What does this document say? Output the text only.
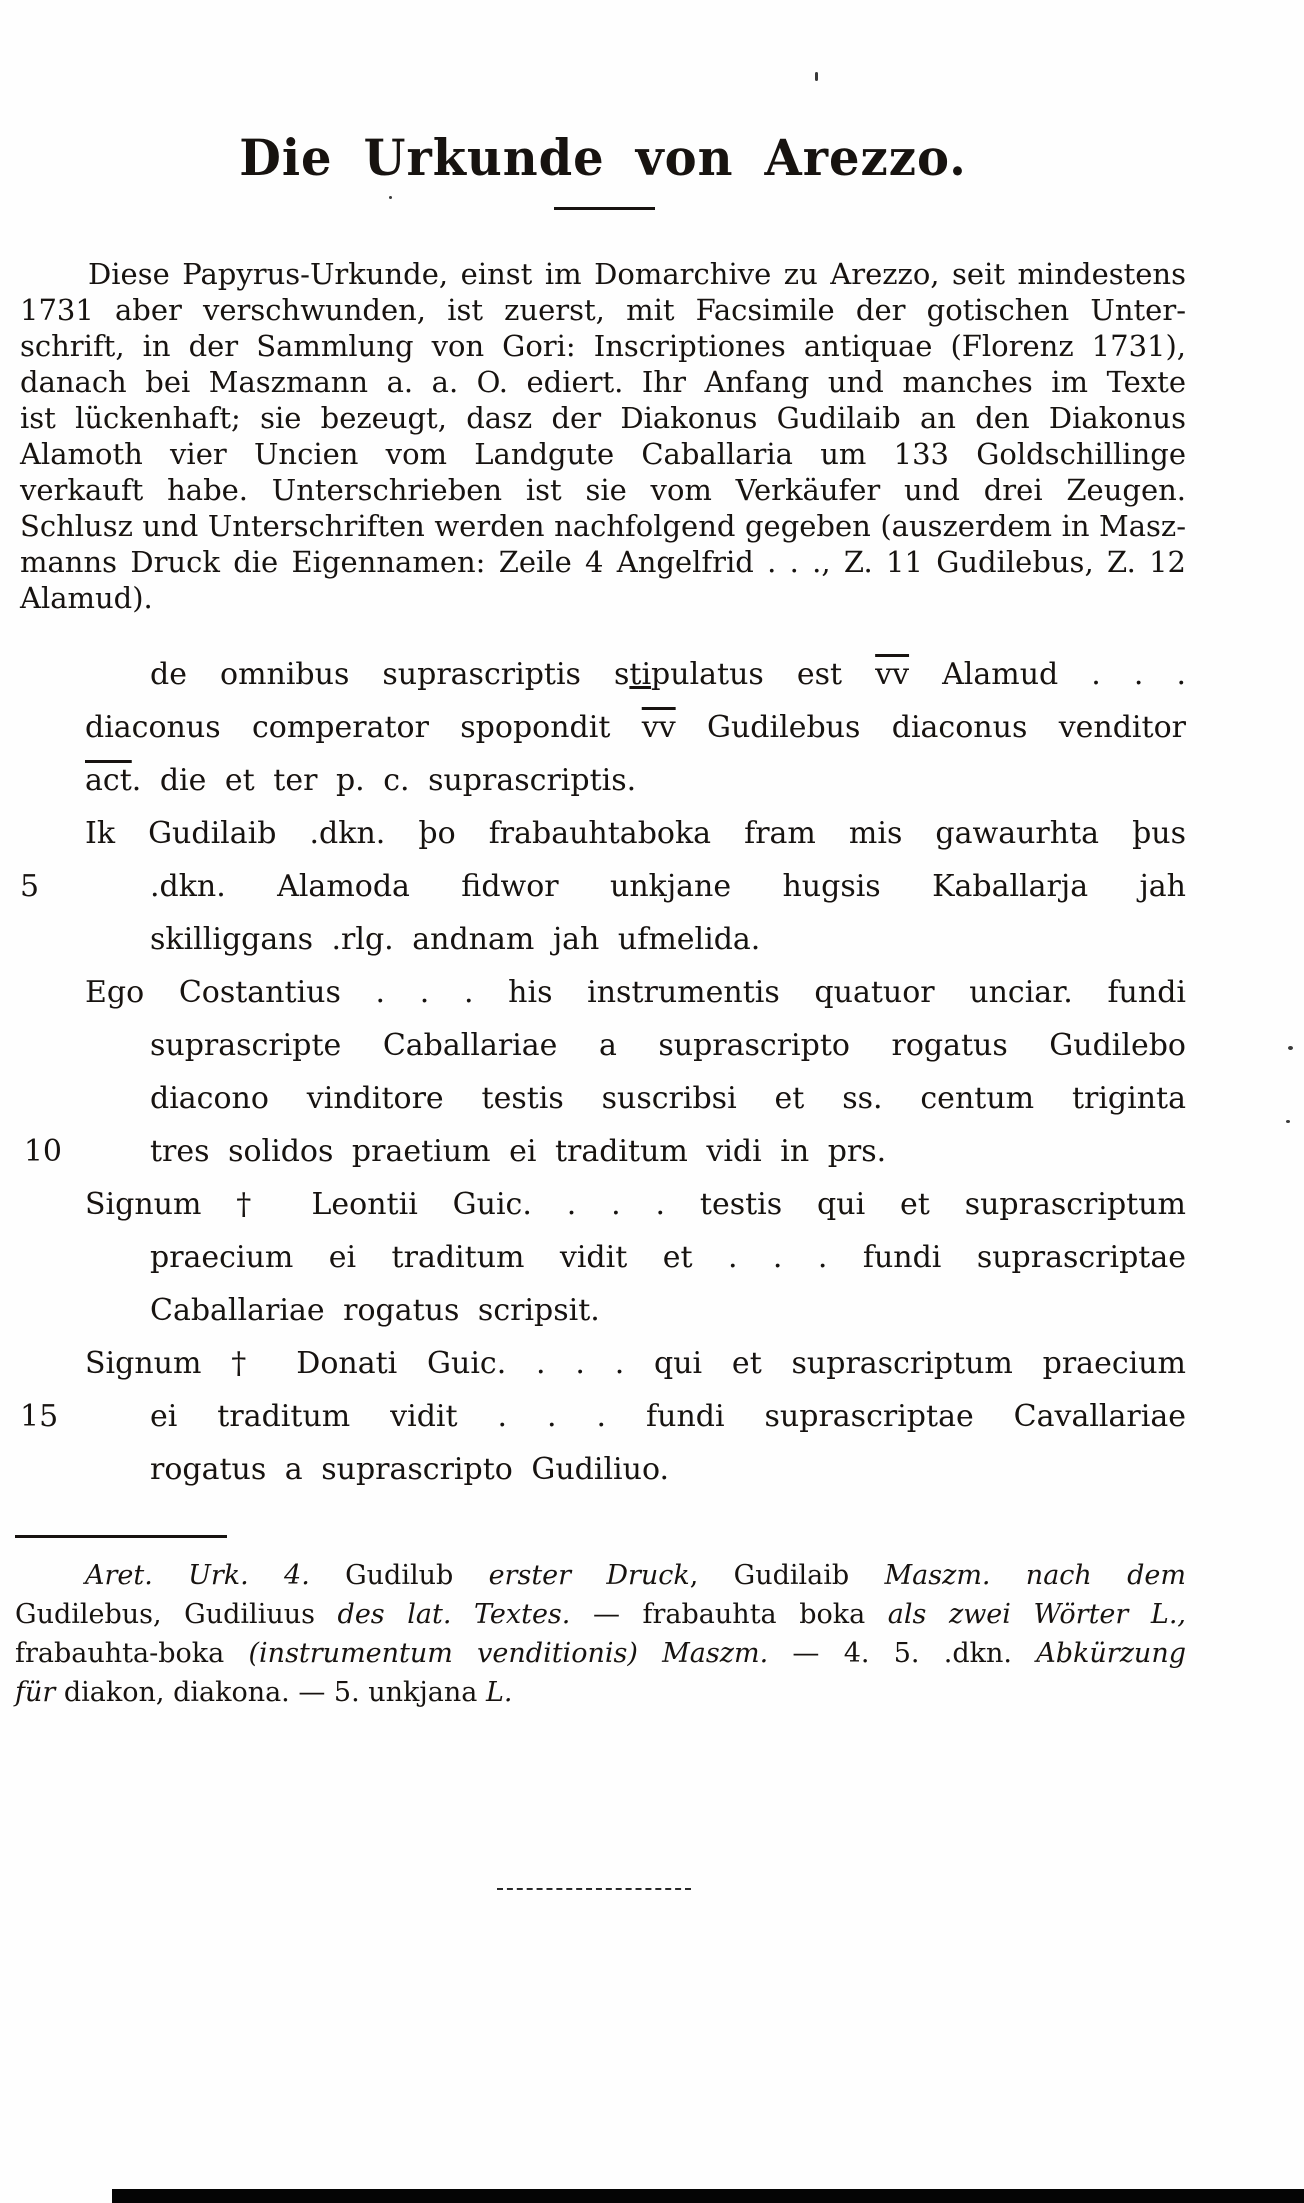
Die Urkunde von Arezzo.
Diese Papyrus-Urkunde, einst im Domarchive zu Arezzo, seit mindestens
1731 aber verschwunden, ist zuerst, mit Facsimile der gotischen Unter-
schrift, in der Sammlung von Gori: Inscriptiones antiquae (Florenz 1731),
danach bei Maszmann a. a. O. ediert. Ihr Anfang und manches im Texte
ist lückenhaft; sie bezeugt, dasz der Diakonus Gudilaib an den Diakonus
Alamoth vier Uncien vom Landgute Caballaria um 133 Goldschillinge
verkauft habe. Unterschrieben ist sie vom Verkäufer und drei Zeugen.
Schlusz und Unterschriften werden nachfolgend gegeben (auszerdem in Masz-
manns Druck die Eigennamen: Zeile 4 Angelfrid . . ., Z. 11 Gudilebus, Z. 12
Alamud).
de omnibus suprascriptis stipulatus est $\overline{vv}$ Alamud . . .
diaconus comperator spopondit $\overline{vv}$ Gudilebus diaconus venditor
$\overline{act}$. die et ter p. c. suprascriptis.
Ik Gudilaib .dkn. þo frabauhtaboka fram mis gawaurhta þus
5	.dkn. Alamoda fidwor unkjane hugsis Kaballarja jah
skilliggans .rlg. andnam jah ufmelida.
Ego Costantius . . . his instrumentis quatuor unciar. fundi
suprascripte Caballariae a suprascripto rogatus Gudilebo
diacono vinditore testis suscribsi et ss. centum triginta
10	tres solidos praetium ei traditum vidi in prs.
Signum † Leontii Guic. . . . testis qui et suprascriptum
praecium ei traditum vidit et . . . fundi suprascriptae
Caballariae rogatus scripsit.
Signum † Donati Guic. . . . qui et suprascriptum praecium
15	ei traditum vidit . . . fundi suprascriptae Cavallariae
rogatus a suprascripto Gudiliuo.
Aret. Urk. 4. Gudilub erster Druck, Gudilaib Maszm. nach dem
Gudilebus, Gudiliuus des lat. Textes. — frabauhta boka als zwei Wörter L.,
frabauhta-boka (instrumentum venditionis) Maszm. — 4. 5. .dkn. Abkürzung
für diakon, diakona. — 5. unkjana L.
